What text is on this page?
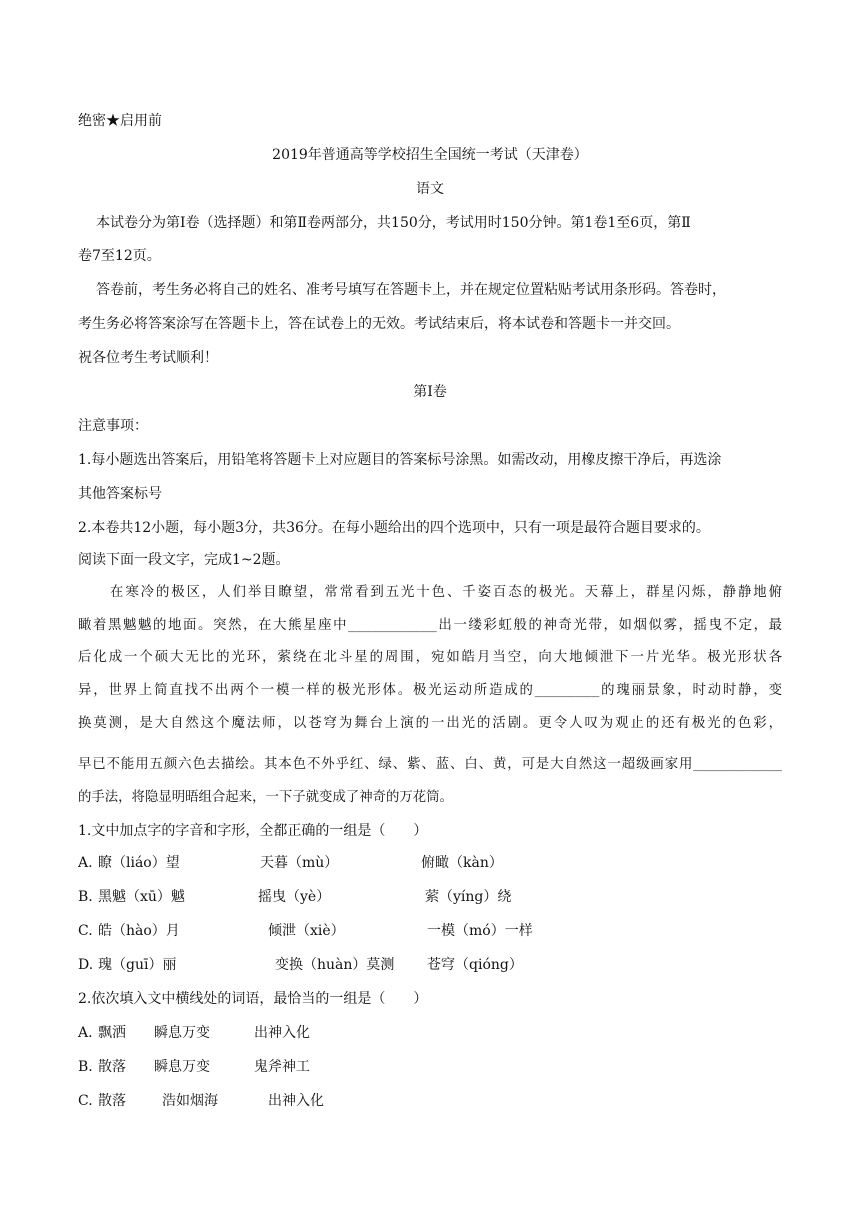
绝密★启用前
2019年普通高等学校招生全国统一考试（天津卷）
语文
本试卷分为第Ⅰ卷（选择题）和第Ⅱ卷两部分，共150分，考试用时150分钟。第1卷1至6页，第Ⅱ
卷7至12页。
答卷前，考生务必将自己的姓名、准考号填写在答题卡上，并在规定位置粘贴考试用条形码。答卷时，
考生务必将答案涂写在答题卡上，答在试卷上的无效。考试结束后，将本试卷和答题卡一并交回。
祝各位考生考试顺利！
第Ⅰ卷
注意事项：
1.每小题选出答案后，用铅笔将答题卡上对应题目的答案标号涂黑。如需改动，用橡皮擦干净后，再选涂
其他答案标号
2.本卷共12小题，每小题3分，共36分。在每小题给出的四个选项中，只有一项是最符合题目要求的。
阅读下面一段文字，完成1~2题。
在寒冷的极区，人们举目瞭望，常常看到五光十色、千姿百态的极光。天幕上，群星闪烁，静静地俯
瞰着黑魆魆的地面。突然，在大熊星座中___________出一缕彩虹般的神奇光带，如烟似雾，摇曳不定，最
后化成一个硕大无比的光环，萦绕在北斗星的周围，宛如皓月当空，向大地倾泄下一片光华。极光形状各
异，世界上简直找不出两个一模一样的极光形体。极光运动所造成的________的瑰丽景象，时动时静，变
换莫测，是大自然这个魔法师，以苍穹为舞台上演的一出光的活剧。更令人叹为观止的还有极光的色彩，
早已不能用五颜六色去描绘。其本色不外乎红、绿、紫、蓝、白、黄，可是大自然这一超级画家用___________
的手法，将隐显明晤组合起来，一下子就变成了神奇的万花筒。
1.文中加点字的字音和字形，全都正确的一组是（　　）
A. 瞭（liáo）望	天暮（mù）	俯瞰（kàn）
B. 黑魆（xū）魆	摇曳（yè）	萦（yíng）绕
C. 皓（hào）月	倾泄（xiè）	一模（mó）一样
D. 瑰（guī）丽	变换（huàn）莫测 苍穹（qióng）
2.依次填入文中横线处的词语，最恰当的一组是（　　）
A. 飘洒 瞬息万变	出神入化
B. 散落 瞬息万变	鬼斧神工
C. 散落	浩如烟海	出神入化
